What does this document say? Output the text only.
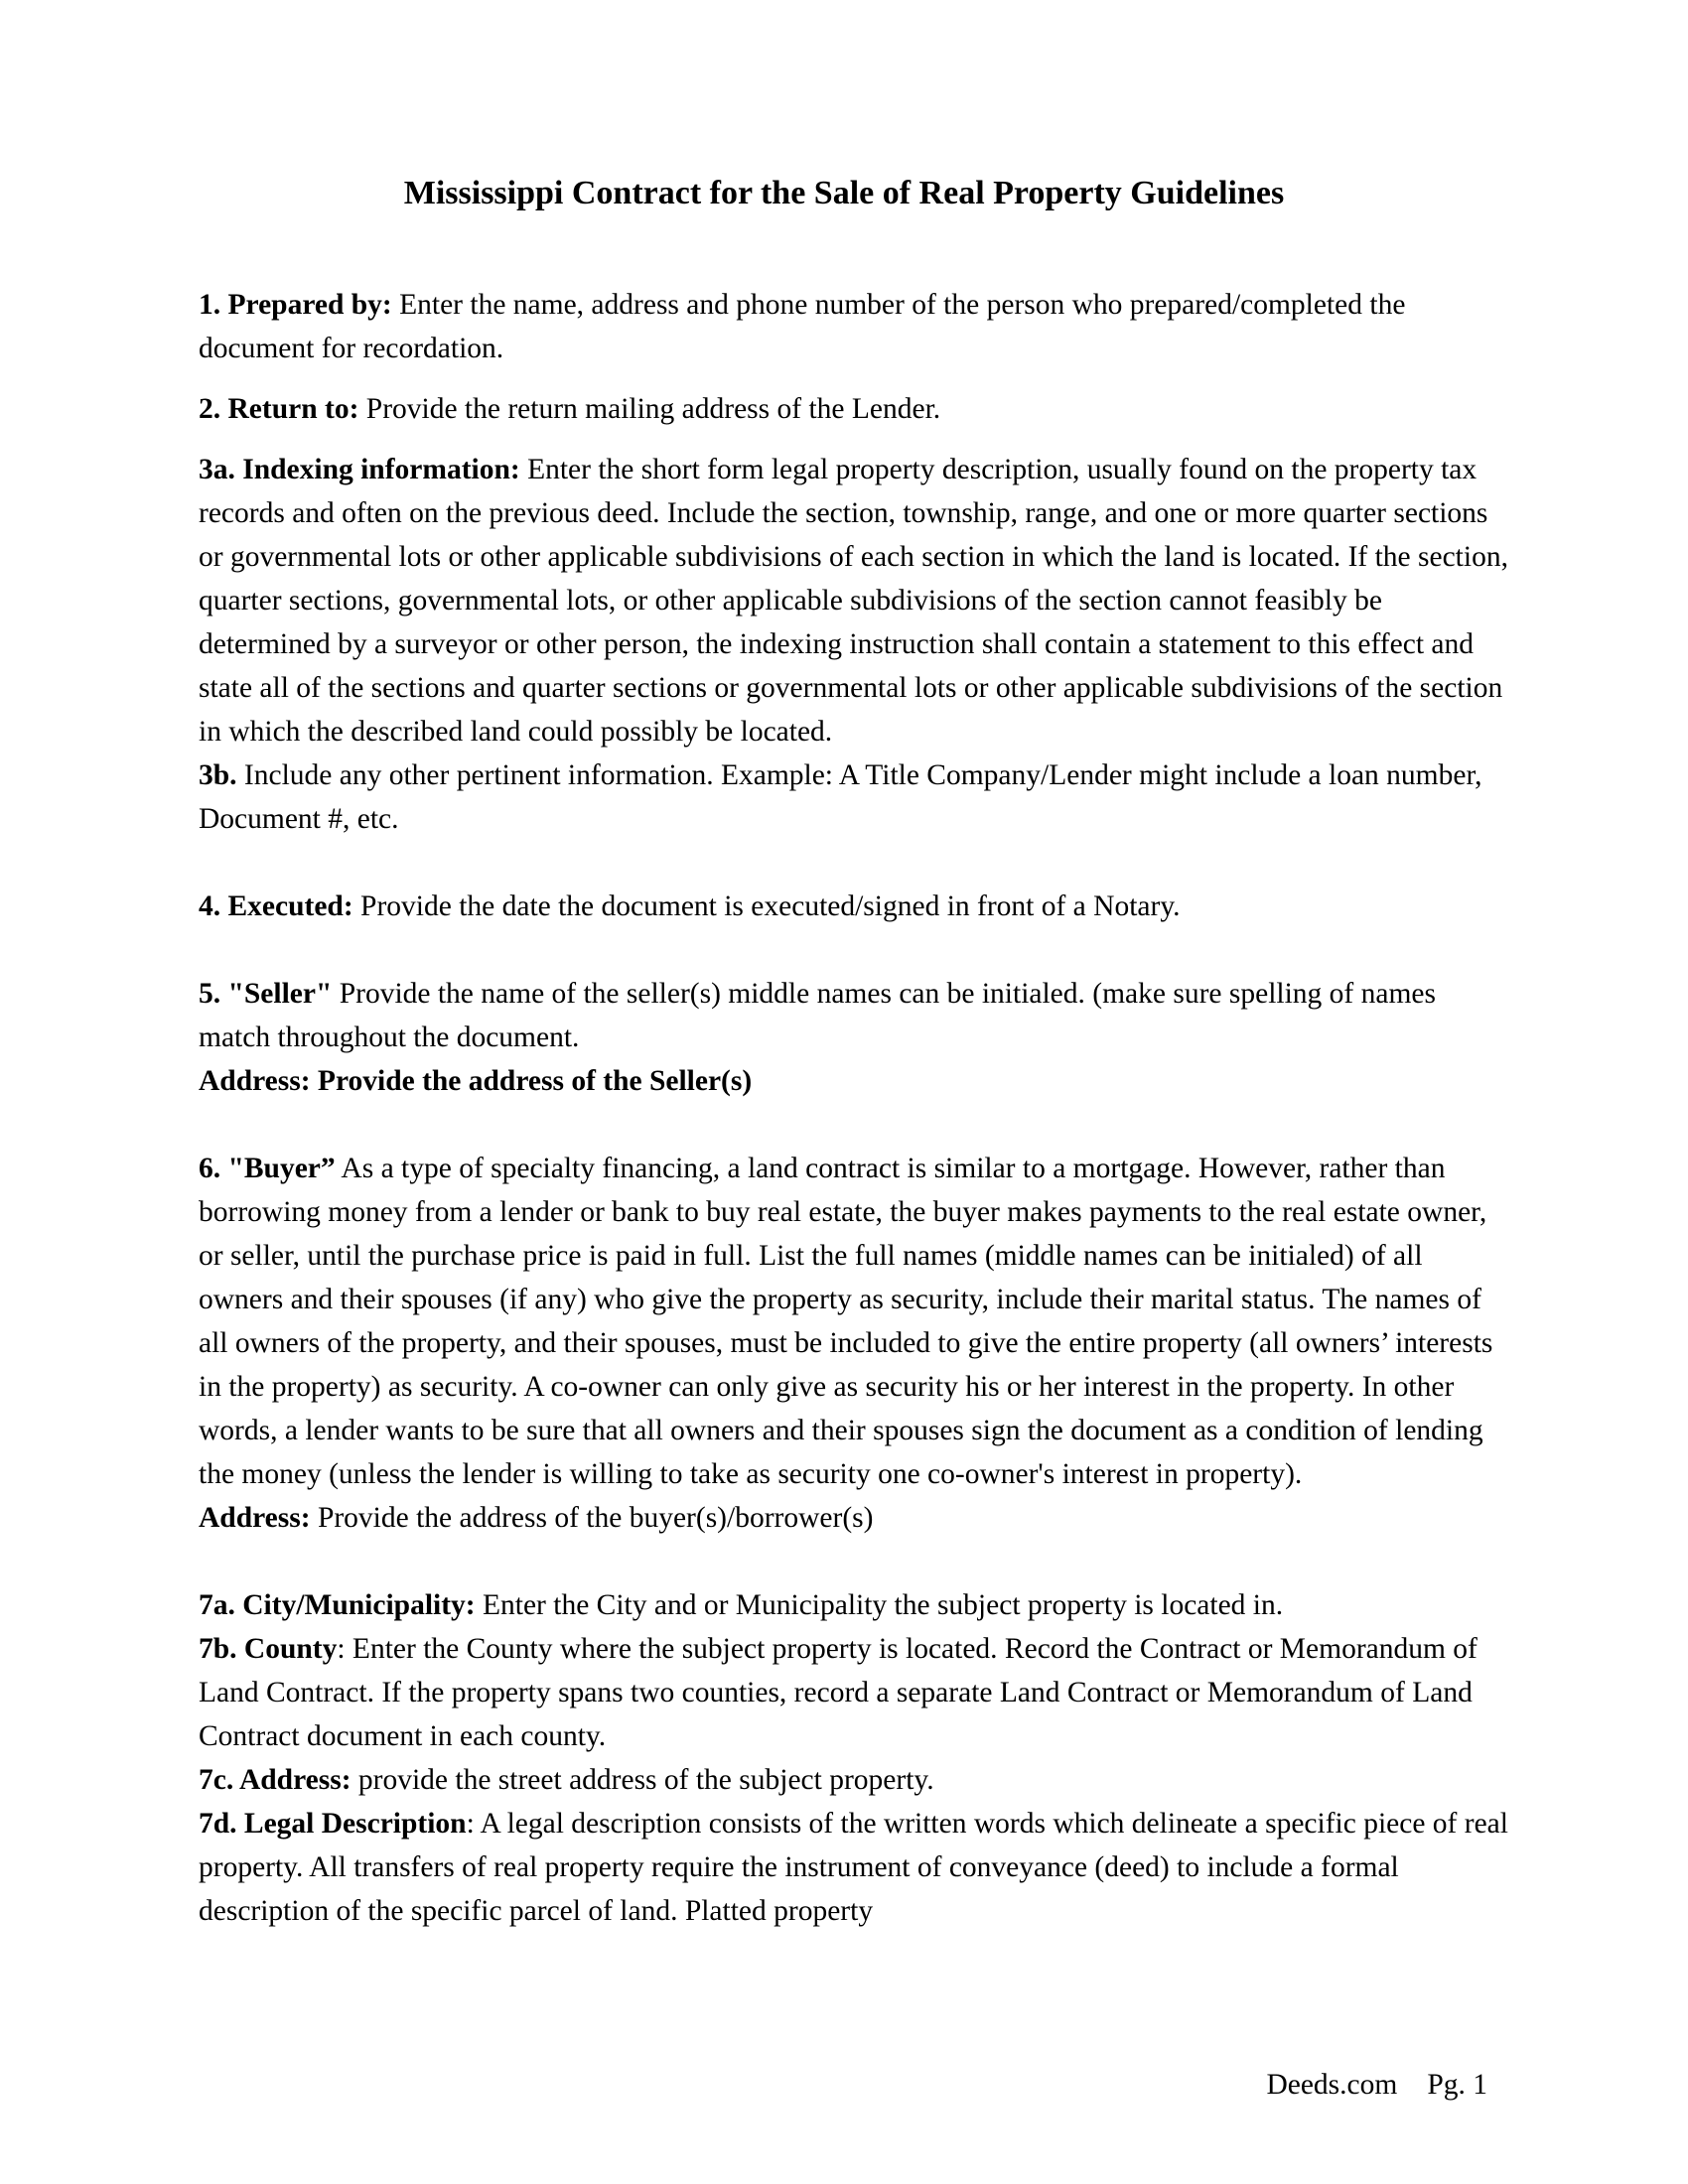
Mississippi Contract for the Sale of Real Property Guidelines

1. Prepared by: Enter the name, address and phone number of the person who prepared/completed the document for recordation.

2. Return to: Provide the return mailing address of the Lender.

3a. Indexing information: Enter the short form legal property description, usually found on the property tax records and often on the previous deed. Include the section, township, range, and one or more quarter sections or governmental lots or other applicable subdivisions of each section in which the land is located. If the section, quarter sections, governmental lots, or other applicable subdivisions of the section cannot feasibly be determined by a surveyor or other person, the indexing instruction shall contain a statement to this effect and state all of the sections and quarter sections or governmental lots or other applicable subdivisions of the section in which the described land could possibly be located.

3b. Include any other pertinent information. Example: A Title Company/Lender might include a loan number, Document #, etc.

4. Executed: Provide the date the document is executed/signed in front of a Notary.

5. "Seller" Provide the name of the seller(s) middle names can be initialed. (make sure spelling of names match throughout the document.

Address: Provide the address of the Seller(s)

6. "Buyer” As a type of specialty financing, a land contract is similar to a mortgage. However, rather than borrowing money from a lender or bank to buy real estate, the buyer makes payments to the real estate owner, or seller, until the purchase price is paid in full. List the full names (middle names can be initialed) of all owners and their spouses (if any) who give the property as security, include their marital status. The names of all owners of the property, and their spouses, must be included to give the entire property (all owners’ interests in the property) as security. A co-owner can only give as security his or her interest in the property. In other words, a lender wants to be sure that all owners and their spouses sign the document as a condition of lending the money (unless the lender is willing to take as security one co-owner's interest in property).

Address: Provide the address of the buyer(s)/borrower(s)

7a. City/Municipality: Enter the City and or Municipality the subject property is located in.

7b. County: Enter the County where the subject property is located. Record the Contract or Memorandum of Land Contract. If the property spans two counties, record a separate Land Contract or Memorandum of Land Contract document in each county.

7c. Address: provide the street address of the subject property.

7d. Legal Description: A legal description consists of the written words which delineate a specific piece of real property. All transfers of real property require the instrument of conveyance (deed) to include a formal description of the specific parcel of land. Platted property

Deeds.com Pg. 1
